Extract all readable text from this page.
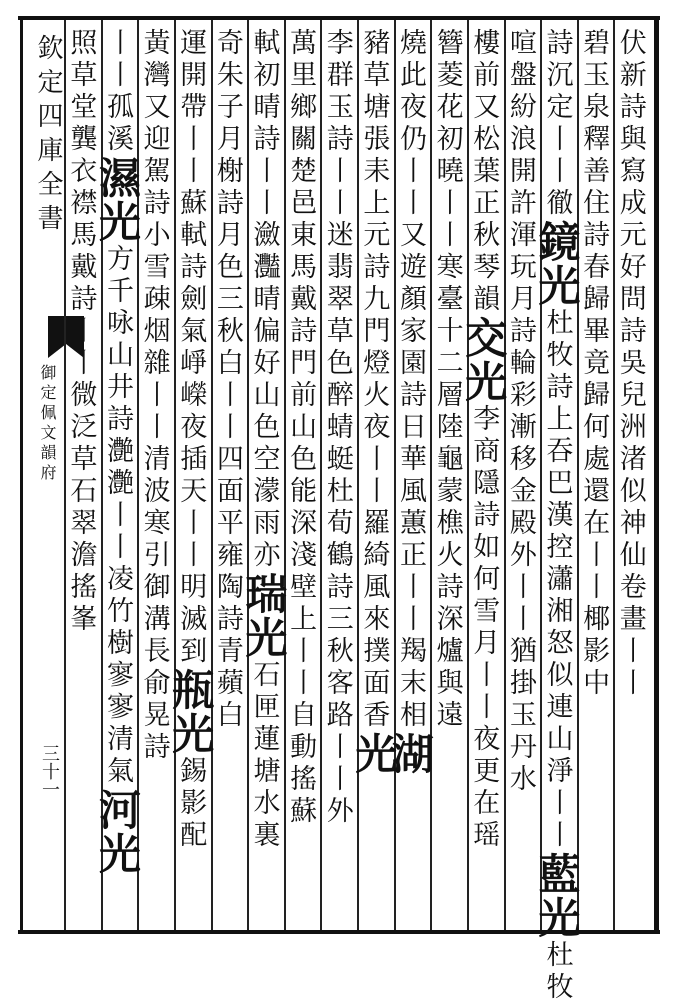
欽定四庫全書
御定佩文韻府
三十一
伏新詩與寫成元好問詩吳兒洲渚似神仙卷畫丨丨
碧玉泉釋善住詩春歸畢竟歸何處還在丨丨椰影中
詩沉定丨丨徹鏡光杜牧詩上吞巴漢控瀟湘怒似連山淨丨丨藍光杜牧
喧盤紛浪開許渾玩月詩輪彩漸移金殿外丨丨猶掛玉丹水
樓前又松葉正秋琴韻交光李商隱詩如何雪月丨丨夜更在瑶
簪菱花初曉丨丨寒臺十二層陸龜蒙樵火詩深爐與遠
燒此夜仍丨丨又遊顏家園詩日華風蕙正丨丨羯末相湖
豬草塘張耒上元詩九門燈火夜丨丨羅綺風來撲面香光
李群玉詩丨丨迷翡翠草色醉蜻蜓杜荀鶴詩三秋客路丨丨外
萬里鄉關楚邑東馬戴詩門前山色能深淺壁上丨丨自動搖蘇
軾初晴詩丨丨瀲灩晴偏好山色空濛雨亦瑞光石匣蓮塘水裏
奇朱子月榭詩月色三秋白丨丨四面平雍陶詩青蘋白
運開帶丨丨蘇軾詩劍氣崢嶸夜插天丨丨明滅到瓶光錫影配
黃灣又迎駕詩小雪疎烟雜丨丨清波寒引御溝長俞晃詩
丨丨孤溪濕光方千咏山井詩灔灔丨丨凌竹樹寥寥清氣河光
照草堂龔衣襟馬戴詩丨丨微泛草石翠澹搖峯
